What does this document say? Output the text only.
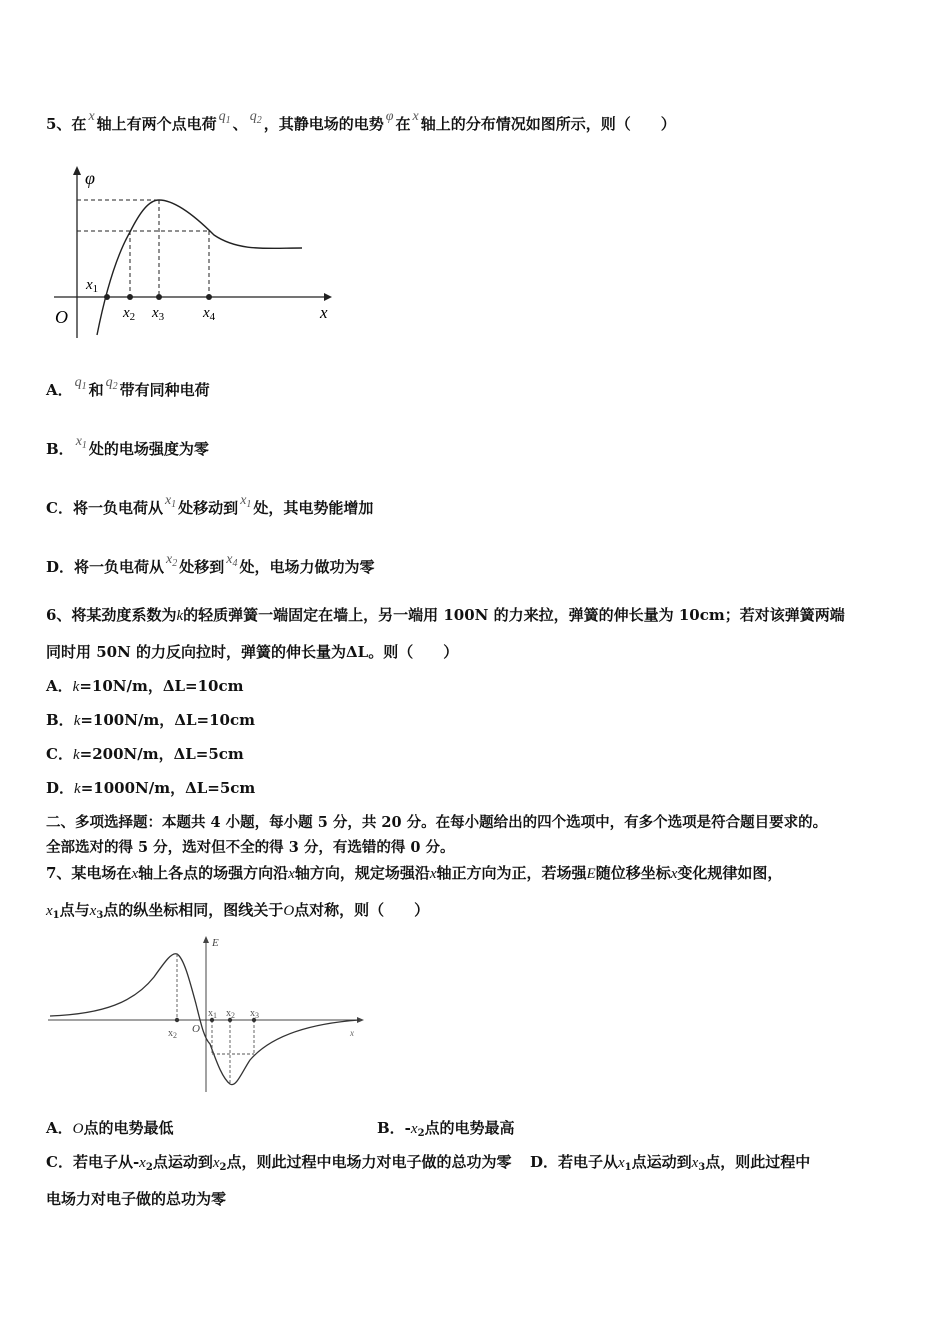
5、在 x 轴上有两个点电荷 $q_1$ 、 $q_2$ ，其静电场的电势 φ 在 x 轴上的分布情况如图所示，则（　　）
φ
O	x
$x_1$
$x_2$ $x_3$	$x_4$
A． $q_1$ 和 $q_2$ 带有同种电荷
B． $x_1$ 处的电场强度为零
C．将一负电荷从 $x_1$ 处移动到 $x_1$ 处，其电势能增加
D．将一负电荷从 $x_2$ 处移到 $x_4$ 处，电场力做功为零
6、将某劲度系数为k的轻质弹簧一端固定在墙上，另一端用 100N 的力来拉，弹簧的伸长量为 10cm；若对该弹簧两端
同时用 50N 的力反向拉时，弹簧的伸长量为ΔL。则（　　）
A．k=10N/m，ΔL=10cm
B．k=100N/m，ΔL=10cm
C．k=200N/m，ΔL=5cm
D．k=1000N/m，ΔL=5cm
二、多项选择题：本题共 4 小题，每小题 5 分，共 20 分。在每小题给出的四个选项中，有多个选项是符合题目要求的。
全部选对的得 5 分，选对但不全的得 3 分，有选错的得 0 分。
7、某电场在x轴上各点的场强方向沿x轴方向，规定场强沿x轴正方向为正，若场强E随位移坐标x变化规律如图，
$x_1$点与$x_3$点的纵坐标相同，图线关于O点对称，则（　　）
E
O	x
$x_2$
$x_1$ $x_2$ $x_3$
A．O点的电势最低	B．$-x_2$点的电势最高
C．若电子从$-x_2$点运动到$x_2$点，则此过程中电场力对电子做的总功为零 D．若电子从$x_1$点运动到$x_3$点，则此过程中
电场力对电子做的总功为零
